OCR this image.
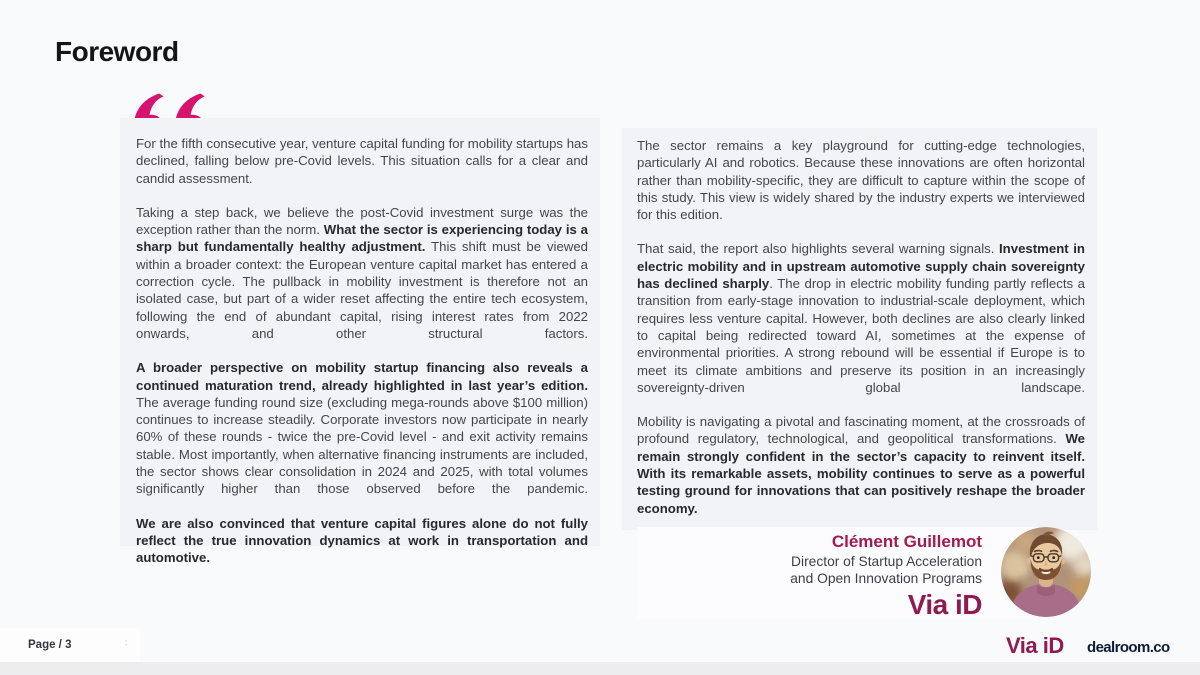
Foreword

For the fifth consecutive year, venture capital funding for mobility startups has declined, falling below pre-Covid levels. This situation calls for a clear and candid assessment.

Taking a step back, we believe the post-Covid investment surge was the exception rather than the norm. What the sector is experiencing today is a sharp but fundamentally healthy adjustment. This shift must be viewed within a broader context: the European venture capital market has entered a correction cycle. The pullback in mobility investment is therefore not an isolated case, but part of a wider reset affecting the entire tech ecosystem, following the end of abundant capital, rising interest rates from 2022 onwards, and other structural factors.

A broader perspective on mobility startup financing also reveals a continued maturation trend, already highlighted in last year’s edition. The average funding round size (excluding mega-rounds above $100 million) continues to increase steadily. Corporate investors now participate in nearly 60% of these rounds - twice the pre-Covid level - and exit activity remains stable. Most importantly, when alternative financing instruments are included, the sector shows clear consolidation in 2024 and 2025, with total volumes significantly higher than those observed before the pandemic.

We are also convinced that venture capital figures alone do not fully reflect the true innovation dynamics at work in transportation and automotive.

The sector remains a key playground for cutting-edge technologies, particularly AI and robotics. Because these innovations are often horizontal rather than mobility-specific, they are difficult to capture within the scope of this study. This view is widely shared by the industry experts we interviewed for this edition.

That said, the report also highlights several warning signals. Investment in electric mobility and in upstream automotive supply chain sovereignty has declined sharply. The drop in electric mobility funding partly reflects a transition from early-stage innovation to industrial-scale deployment, which requires less venture capital. However, both declines are also clearly linked to capital being redirected toward AI, sometimes at the expense of environmental priorities. A strong rebound will be essential if Europe is to meet its climate ambitions and preserve its position in an increasingly sovereignty-driven global landscape.

Mobility is navigating a pivotal and fascinating moment, at the crossroads of profound regulatory, technological, and geopolitical transformations. We remain strongly confident in the sector’s capacity to reinvent itself. With its remarkable assets, mobility continues to serve as a powerful testing ground for innovations that can positively reshape the broader economy.

Clément Guillemot
Director of Startup Acceleration
and Open Innovation Programs
Via iD
Page / 3	:	Via iD dealroom.co
